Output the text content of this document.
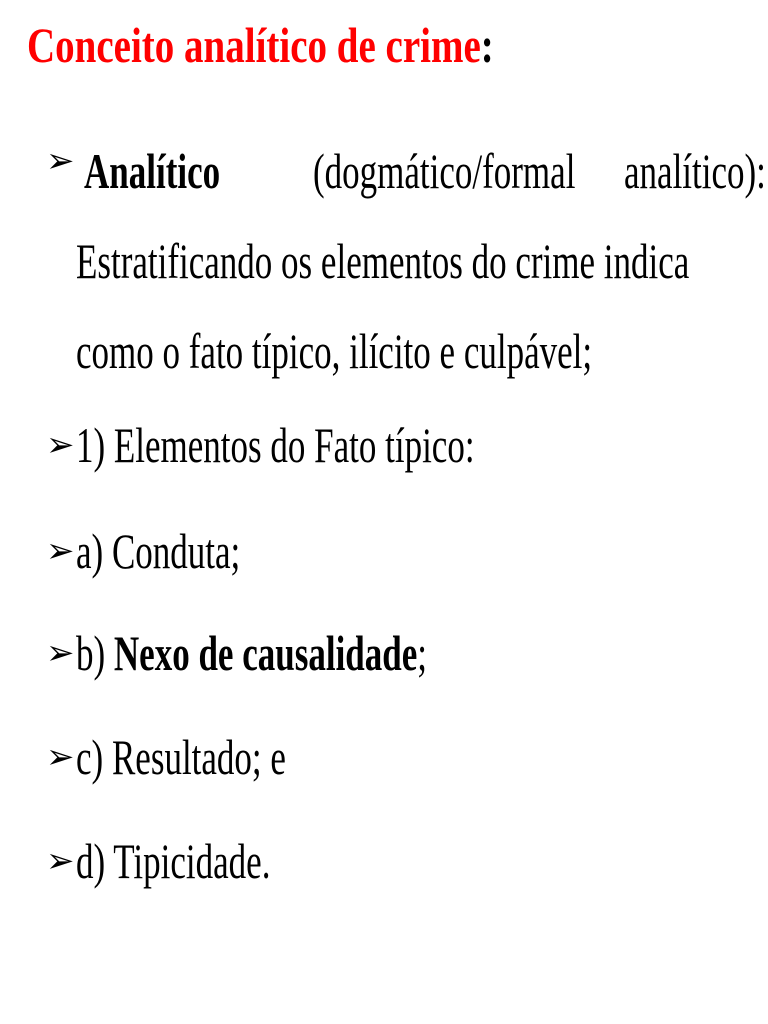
Conceito analítico de crime:
➢ Analítico (dogmático/formal analítico):
Estratificando os elementos do crime indica
como o fato típico, ilícito e culpável;
➢ 1) Elementos do Fato típico:
➢ a) Conduta;
➢ b) Nexo de causalidade;
➢ c) Resultado; e
➢ d) Tipicidade.
